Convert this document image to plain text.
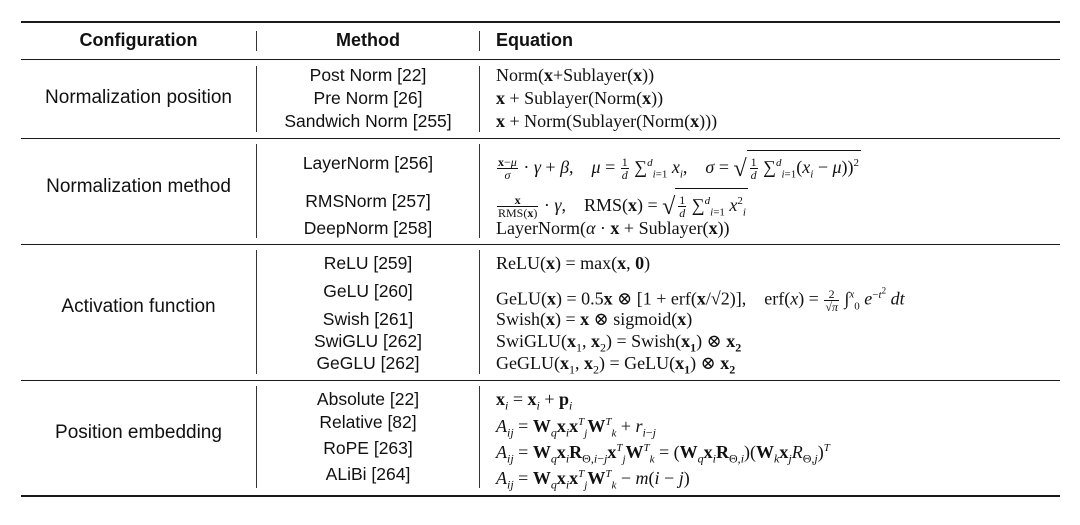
Configuration	Method	Equation
Normalization position
Post Norm [22]
Pre Norm [26]
Sandwich Norm [255]
Norm(x+Sublayer(x))
x + Sublayer(Norm(x))
x + Norm(Sublayer(Norm(x)))
Normalization method
LayerNorm [256]
RMSNorm [257]
DeepNorm [258]
$\frac{x-\mu}{\sigma} \cdot \gamma + \beta$,    $\mu = \frac{1}{d} \sum^d_{i=1}$ $x_i$,    σ = √ $\frac{1}{d} \sum^d_{i=1}(x_i - \mu))^2$
$\frac{x}{\text{RMS(x)}} \cdot \gamma$,    RMS(x) = √ $\frac{1}{d} \sum^d_{i=1}$ $x^2_i$
LayerNorm(α · x + Sublayer(x))
Activation function
ReLU [259]
GeLU [260]
Swish [261]
SwiGLU [262]
GeGLU [262]
ReLU(x) = max(x, 0)
GeLU(x) = 0.5x ⊗ [1 + erf(x/√2)],    $erf(x) = \frac{2}{√\pi} \int^x_0$ $e^{-t^2}$ dt
Swish(x) = x ⊗ sigmoid(x)
$SwiGLU(x_1$, $x_2$) = $Swish(x_1)$ ⊗ $x_2$
$GeGLU(x_1$, $x_2$) = $GeLU(x_1)$ ⊗ $x_2$
Position embedding
Absolute [22]
Relative [82]
RoPE [263]
ALiBi [264]
$x_i = x_i + p_i$
$A_{ij} = W_qx_ix^T_jW^T_k + r_{i-j}$
$A_{ij} = W_qx_iR_{\Theta,i-j}x^T_jW^T_k = (W_qx_iR_{\Theta,i})(W_kx_jR_{\Theta,j})^T$
$A_{ij} = W_qx_ix^T_jW^T_k - m(i - j)$
